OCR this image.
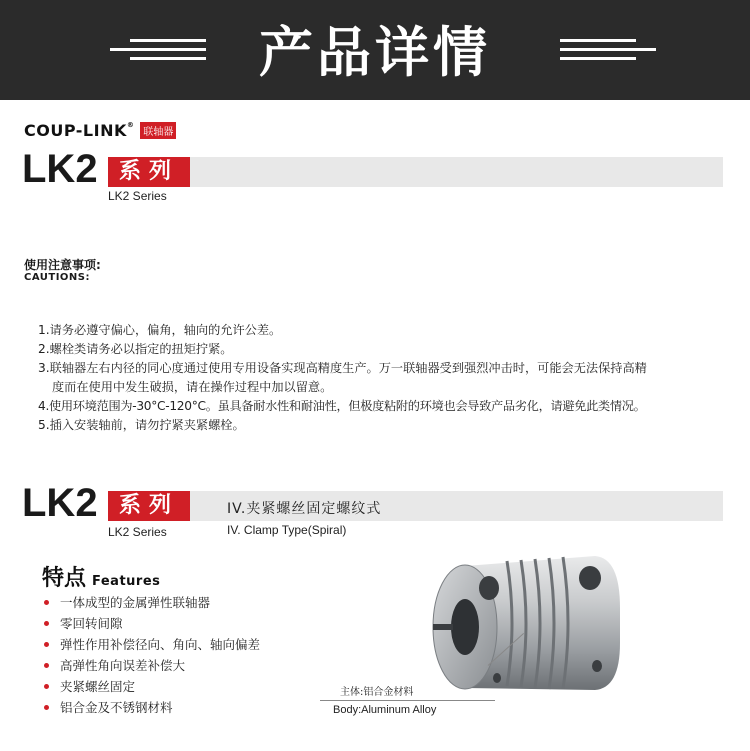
产品详情
COUP-LINK®
联轴器
LK2 系列
LK2 Series
使用注意事项:
CAUTIONS:
1.请务必遵守偏心，偏角，轴向的允许公差。
2.螺栓类请务必以指定的扭矩拧紧。
3.联轴器左右内径的同心度通过使用专用设备实现高精度生产。万一联轴器受到强烈冲击时，可能会无法保持高精
度而在使用中发生破损，请在操作过程中加以留意。
4.使用环境范围为-30°C-120°C。虽具备耐水性和耐油性，但极度粘附的环境也会导致产品劣化，请避免此类情况。
5.插入安装轴前，请勿拧紧夹紧螺栓。
LK2 系列
LK2 Series
IV.夹紧螺丝固定螺纹式
IV. Clamp Type(Spiral)
特点 Features
一体成型的金属弹性联轴器
零回转间隙
弹性作用补偿径向、角向、轴向偏差
高弹性角向误差补偿大
夹紧螺丝固定
铝合金及不锈钢材料
主体:铝合金材料
Body:Aluminum Alloy
